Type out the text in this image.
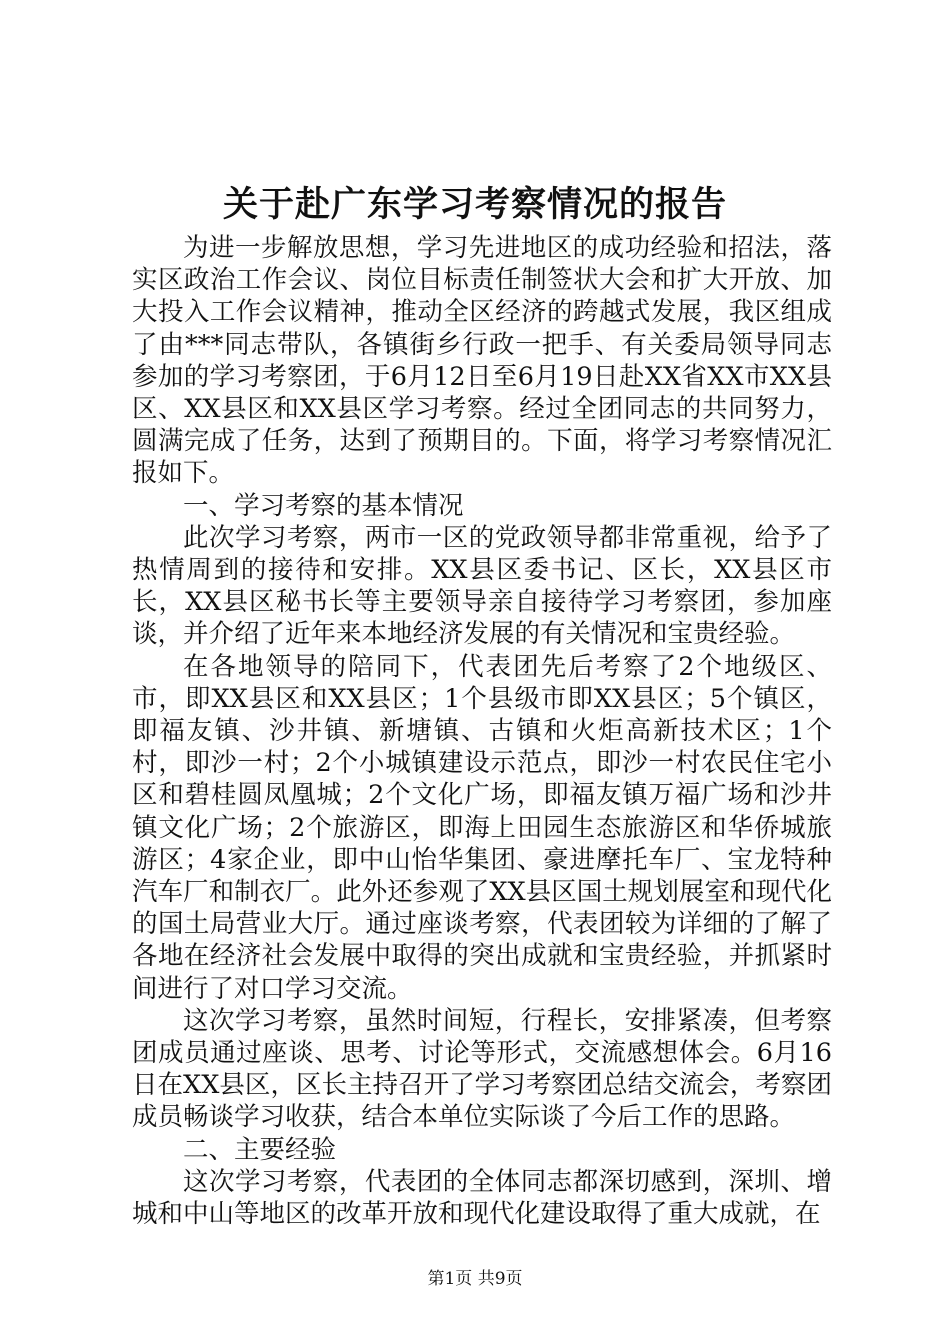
关于赴广东学习考察情况的报告

为进一步解放思想，学习先进地区的成功经验和招法，落实区政治工作会议、岗位目标责任制签状大会和扩大开放、加大投入工作会议精神，推动全区经济的跨越式发展，我区组成了由***同志带队，各镇街乡行政一把手、有关委局领导同志参加的学习考察团，于6月12日至6月19日赴XX省XX市XX县区、XX县区和XX县区学习考察。经过全团同志的共同努力，圆满完成了任务，达到了预期目的。下面，将学习考察情况汇报如下。

一、学习考察的基本情况

此次学习考察，两市一区的党政领导都非常重视，给予了热情周到的接待和安排。XX县区委书记、区长，XX县区市长，XX县区秘书长等主要领导亲自接待学习考察团，参加座谈，并介绍了近年来本地经济发展的有关情况和宝贵经验。

在各地领导的陪同下，代表团先后考察了2个地级区、市，即XX县区和XX县区；1个县级市即XX县区；5个镇区，即福友镇、沙井镇、新塘镇、古镇和火炬高新技术区；1个村，即沙一村；2个小城镇建设示范点，即沙一村农民住宅小区和碧桂圆凤凰城；2个文化广场，即福友镇万福广场和沙井镇文化广场；2个旅游区，即海上田园生态旅游区和华侨城旅游区；4家企业，即中山怡华集团、豪进摩托车厂、宝龙特种汽车厂和制衣厂。此外还参观了XX县区国土规划展室和现代化的国土局营业大厅。通过座谈考察，代表团较为详细的了解了各地在经济社会发展中取得的突出成就和宝贵经验，并抓紧时间进行了对口学习交流。

这次学习考察，虽然时间短，行程长，安排紧凑，但考察团成员通过座谈、思考、讨论等形式，交流感想体会。6月16日在XX县区，区长主持召开了学习考察团总结交流会，考察团成员畅谈学习收获，结合本单位实际谈了今后工作的思路。

二、主要经验

这次学习考察，代表团的全体同志都深切感到，深圳、增城和中山等地区的改革开放和现代化建设取得了重大成就，在

第1页 共9页
